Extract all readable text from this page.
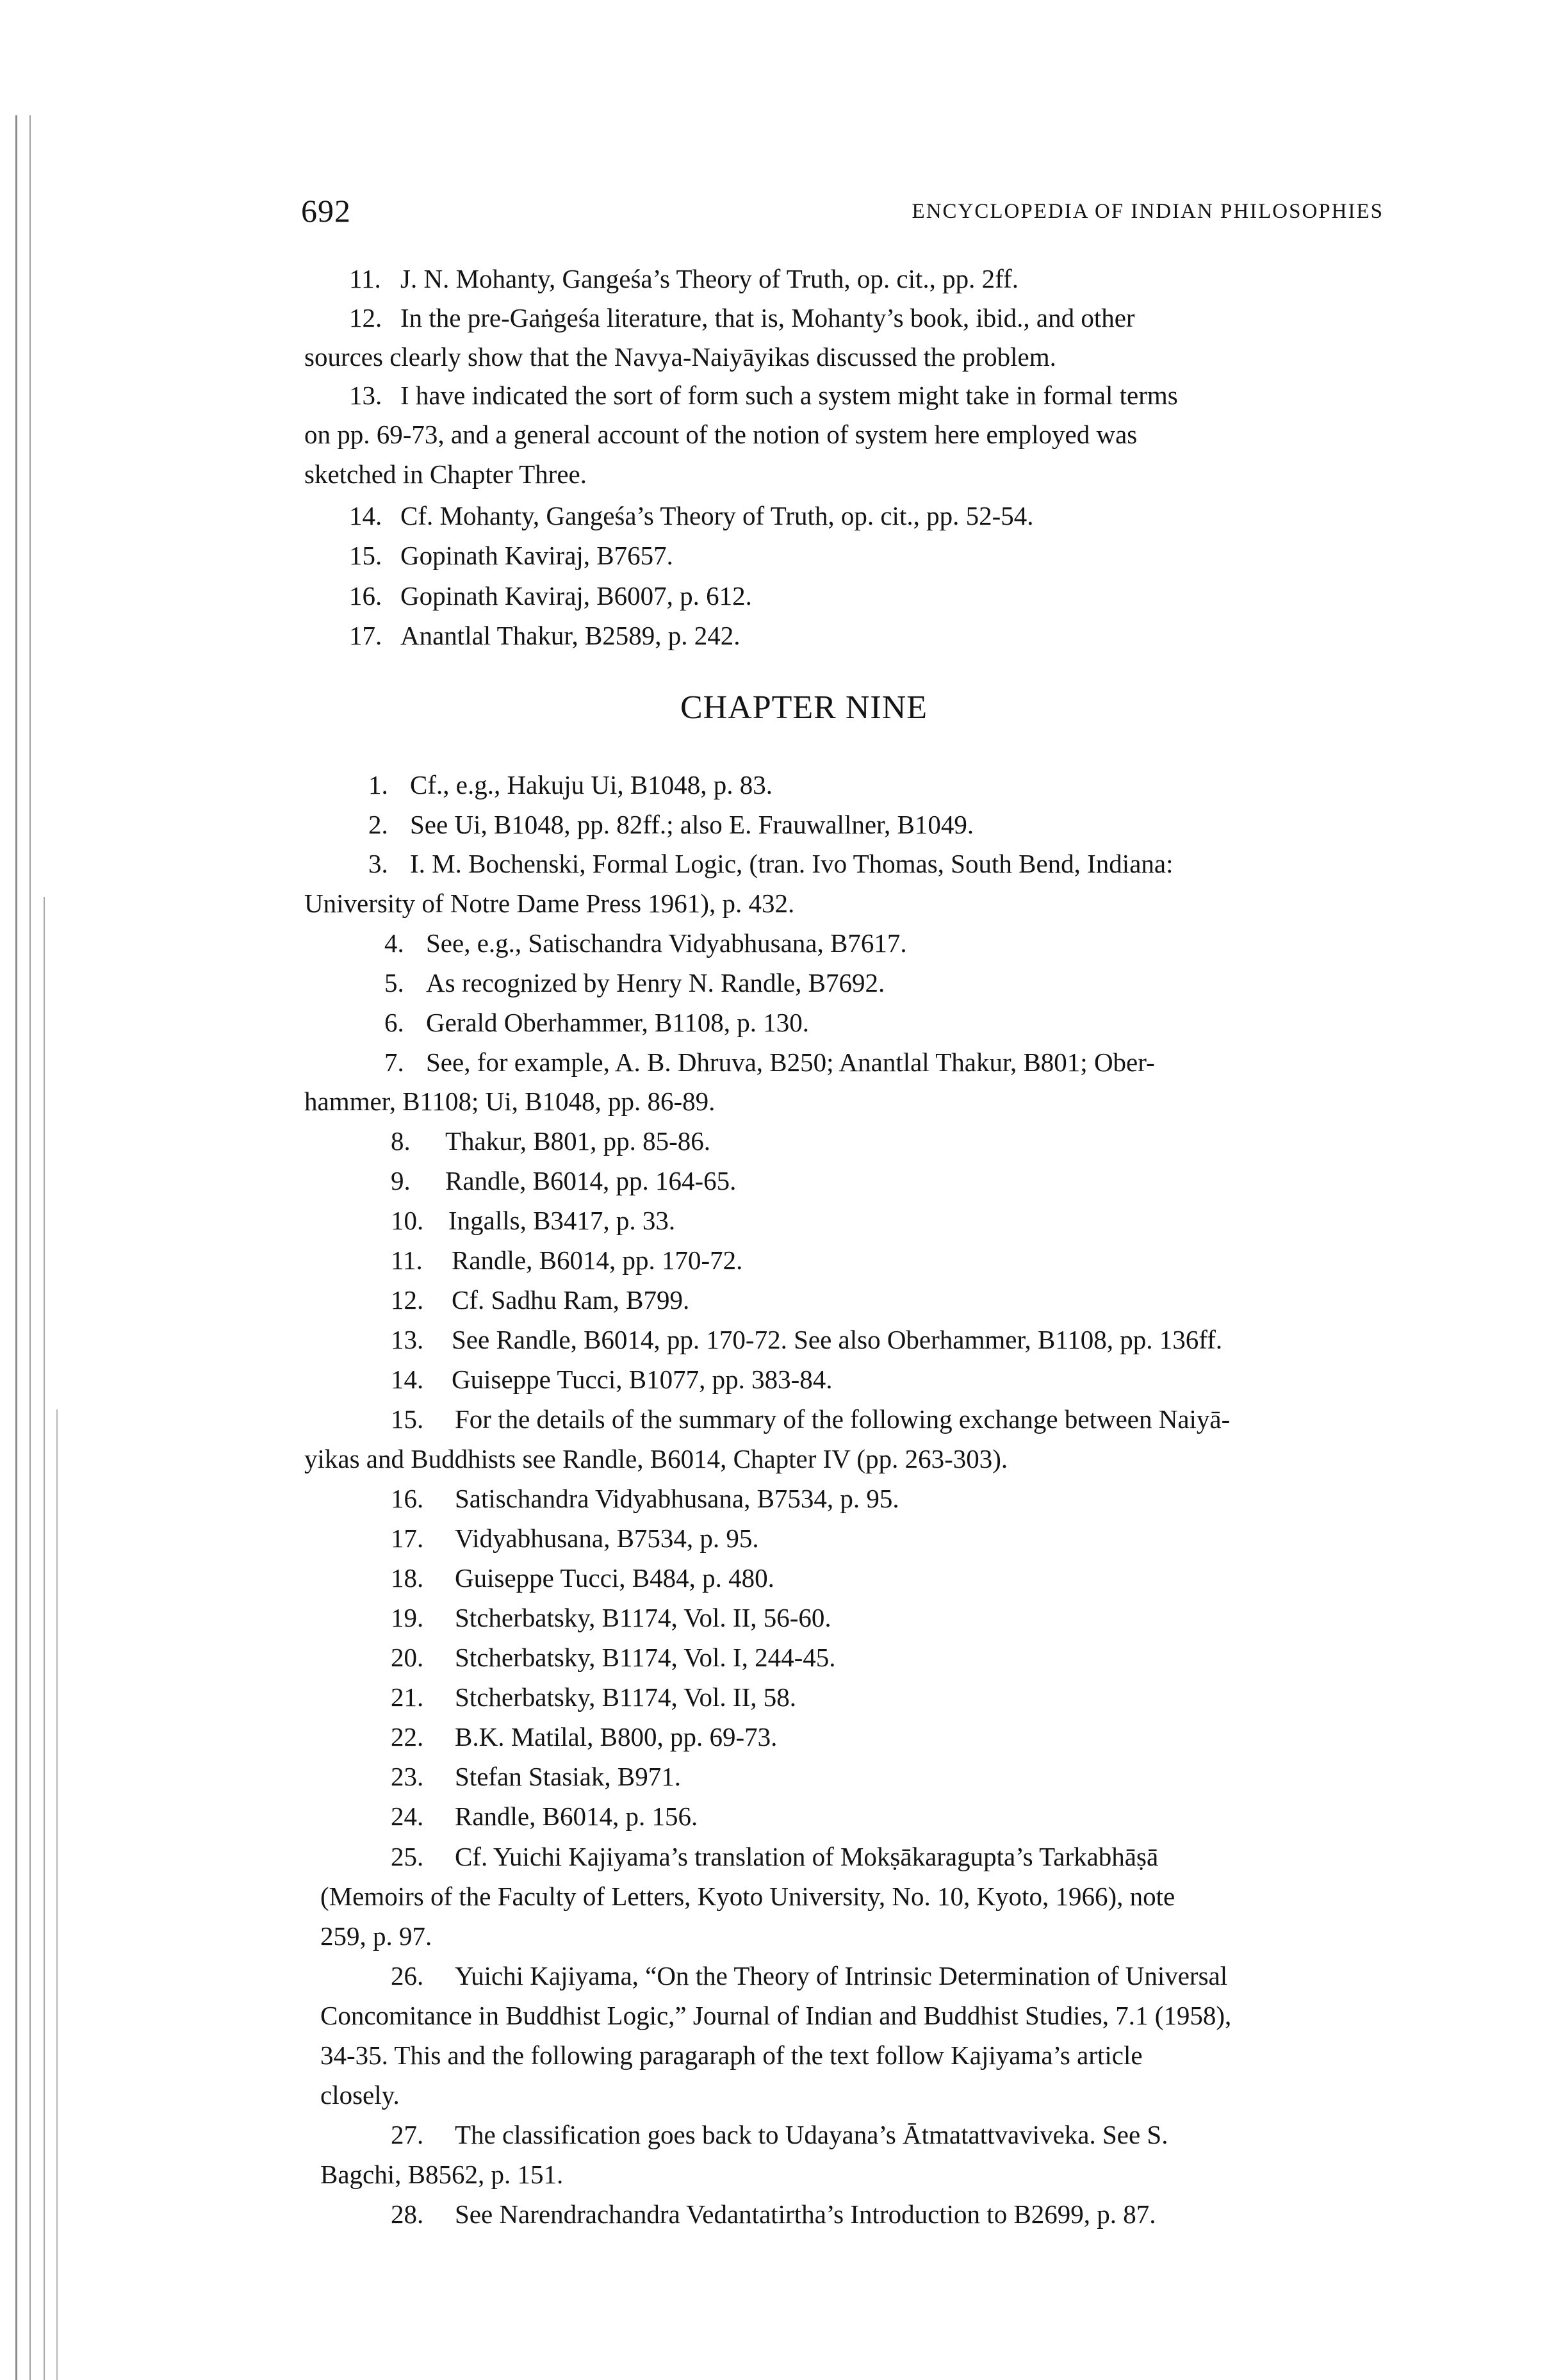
692	ENCYCLOPEDIA OF INDIAN PHILOSOPHIES
11. J. N. Mohanty, Gangeśa’s Theory of Truth, op. cit., pp. 2ff.
12. In the pre-Gaṅgeśa literature, that is, Mohanty’s book, ibid., and other
sources clearly show that the Navya-Naiyāyikas discussed the problem.
13. I have indicated the sort of form such a system might take in formal terms
on pp. 69-73, and a general account of the notion of system here employed was
sketched in Chapter Three.
14. Cf. Mohanty, Gangeśa’s Theory of Truth, op. cit., pp. 52-54.
15. Gopinath Kaviraj, B7657.
16. Gopinath Kaviraj, B6007, p. 612.
17. Anantlal Thakur, B2589, p. 242.
CHAPTER NINE
1. Cf., e.g., Hakuju Ui, B1048, p. 83.
2. See Ui, B1048, pp. 82ff.; also E. Frauwallner, B1049.
3. I. M. Bochenski, Formal Logic, (tran. Ivo Thomas, South Bend, Indiana:
University of Notre Dame Press 1961), p. 432.
4. See, e.g., Satischandra Vidyabhusana, B7617.
5. As recognized by Henry N. Randle, B7692.
6. Gerald Oberhammer, B1108, p. 130.
7. See, for example, A. B. Dhruva, B250; Anantlal Thakur, B801; Ober-
hammer, B1108; Ui, B1048, pp. 86-89.
8. Thakur, B801, pp. 85-86.
9. Randle, B6014, pp. 164-65.
10. Ingalls, B3417, p. 33.
11. Randle, B6014, pp. 170-72.
12. Cf. Sadhu Ram, B799.
13. See Randle, B6014, pp. 170-72. See also Oberhammer, B1108, pp. 136ff.
14. Guiseppe Tucci, B1077, pp. 383-84.
15. For the details of the summary of the following exchange between Naiyā-
yikas and Buddhists see Randle, B6014, Chapter IV (pp. 263-303).
16. Satischandra Vidyabhusana, B7534, p. 95.
17. Vidyabhusana, B7534, p. 95.
18. Guiseppe Tucci, B484, p. 480.
19. Stcherbatsky, B1174, Vol. II, 56-60.
20. Stcherbatsky, B1174, Vol. I, 244-45.
21. Stcherbatsky, B1174, Vol. II, 58.
22. B.K. Matilal, B800, pp. 69-73.
23. Stefan Stasiak, B971.
24. Randle, B6014, p. 156.
25. Cf. Yuichi Kajiyama’s translation of Mokṣākaragupta’s Tarkabhāṣā
(Memoirs of the Faculty of Letters, Kyoto University, No. 10, Kyoto, 1966), note
259, p. 97.
26. Yuichi Kajiyama, “On the Theory of Intrinsic Determination of Universal
Concomitance in Buddhist Logic,” Journal of Indian and Buddhist Studies, 7.1 (1958),
34-35. This and the following paragaraph of the text follow Kajiyama’s article
closely.
27. The classification goes back to Udayana’s Ātmatattvaviveka. See S.
Bagchi, B8562, p. 151.
28. See Narendrachandra Vedantatirtha’s Introduction to B2699, p. 87.
